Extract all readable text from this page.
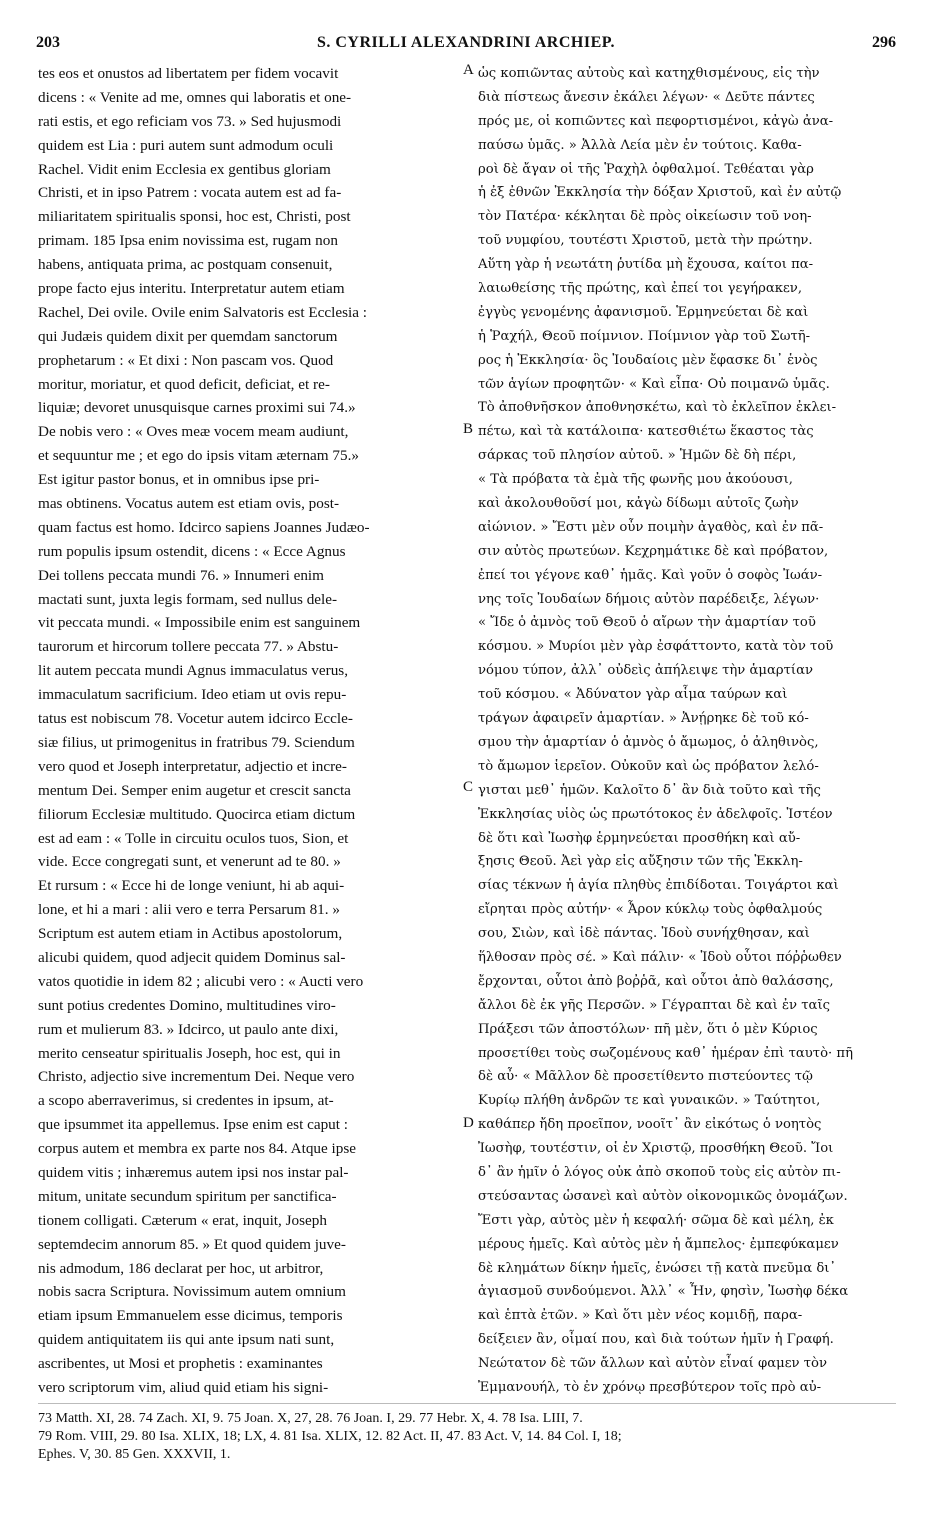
203	S. CYRILLI ALEXANDRINI ARCHIEP.	296
tes eos et onustos ad libertatem per fidem vocavit
dicens : « Venite ad me, omnes qui laboratis et one-
rati estis, et ego reficiam vos 73. » Sed hujusmodi
quidem est Lia : puri autem sunt admodum oculi
Rachel. Vidit enim Ecclesia ex gentibus gloriam
Christi, et in ipso Patrem : vocata autem est ad fa-
miliaritatem spiritualis sponsi, hoc est, Christi, post
primam. 185 Ipsa enim novissima est, rugam non
habens, antiquata prima, ac postquam consenuit,
prope facto ejus interitu. Interpretatur autem etiam
Rachel, Dei ovile. Ovile enim Salvatoris est Ecclesia :
qui Judæis quidem dixit per quemdam sanctorum
prophetarum : « Et dixi : Non pascam vos. Quod
moritur, moriatur, et quod deficit, deficiat, et re-
liquiæ; devoret unusquisque carnes proximi sui 74.»
De nobis vero : « Oves meæ vocem meam audiunt,
et sequuntur me ; et ego do ipsis vitam æternam 75.»
Est igitur pastor bonus, et in omnibus ipse pri-
mas obtinens. Vocatus autem est etiam ovis, post-
quam factus est homo. Idcirco sapiens Joannes Judæo-
rum populis ipsum ostendit, dicens : « Ecce Agnus
Dei tollens peccata mundi 76. » Innumeri enim
mactati sunt, juxta legis formam, sed nullus dele-
vit peccata mundi. « Impossibile enim est sanguinem
taurorum et hircorum tollere peccata 77. » Abstu-
lit autem peccata mundi Agnus immaculatus verus,
immaculatum sacrificium. Ideo etiam ut ovis repu-
tatus est nobiscum 78. Vocetur autem idcirco Eccle-
siæ filius, ut primogenitus in fratribus 79. Sciendum
vero quod et Joseph interpretatur, adjectio et incre-
mentum Dei. Semper enim augetur et crescit sancta
filiorum Ecclesiæ multitudo. Quocirca etiam dictum
est ad eam : « Tolle in circuitu oculos tuos, Sion, et
vide. Ecce congregati sunt, et venerunt ad te 80. »
Et rursum : « Ecce hi de longe veniunt, hi ab aqui-
lone, et hi a mari : alii vero e terra Persarum 81. »
Scriptum est autem etiam in Actibus apostolorum,
alicubi quidem, quod adjecit quidem Dominus sal-
vatos quotidie in idem 82 ; alicubi vero : « Aucti vero
sunt potius credentes Domino, multitudines viro-
rum et mulierum 83. » Idcirco, ut paulo ante dixi,
merito censeatur spiritualis Joseph, hoc est, qui in
Christo, adjectio sive incrementum Dei. Neque vero
a scopo aberraverimus, si credentes in ipsum, at-
que ipsummet ita appellemus. Ipse enim est caput :
corpus autem et membra ex parte nos 84. Atque ipse
quidem vitis ; inhæremus autem ipsi nos instar pal-
mitum, unitate secundum spiritum per sanctifica-
tionem colligati. Cæterum « erat, inquit, Joseph
septemdecim annorum 85. » Et quod quidem juve-
nis admodum, 186 declarat per hoc, ut arbitror,
nobis sacra Scriptura. Novissimum autem omnium
etiam ipsum Emmanuelem esse dicimus, temporis
quidem antiquitatem iis qui ante ipsum nati sunt,
ascribentes, ut Mosi et prophetis : examinantes
vero scriptorum vim, aliud quid etiam his signi-
ὡς κοπιῶντας αὐτοὺς καὶ κατηχθισμένους, εἰς τὴν
διὰ πίστεως ἄνεσιν ἐκάλει λέγων· « Δεῦτε πάντες
πρός με, οἱ κοπιῶντες καὶ πεφορτισμένοι, κἀγὼ ἀνα-
παύσω ὑμᾶς. » Ἀλλὰ Λεία μὲν ἐν τούτοις. Καθα-
ροὶ δὲ ἄγαν οἱ τῆς Ῥαχὴλ ὀφθαλμοί. Τεθέαται γὰρ
ἡ ἐξ ἐθνῶν Ἐκκλησία τὴν δόξαν Χριστοῦ, καὶ ἐν αὐτῷ
τὸν Πατέρα· κέκληται δὲ πρὸς οἰκείωσιν τοῦ νοη-
τοῦ νυμφίου, τουτέστι Χριστοῦ, μετὰ τὴν πρώτην.
Αὕτη γὰρ ἡ νεωτάτη ῥυτίδα μὴ ἔχουσα, καίτοι πα-
λαιωθείσης τῆς πρώτης, καὶ ἐπεί τοι γεγήρακεν,
ἐγγὺς γενομένης ἀφανισμοῦ. Ἑρμηνεύεται δὲ καὶ
ἡ Ῥαχήλ, Θεοῦ ποίμνιον. Ποίμνιον γὰρ τοῦ Σωτῆ-
ρος ἡ Ἐκκλησία· ὃς Ἰουδαίοις μὲν ἔφασκε δι᾿ ἑνὸς
τῶν ἁγίων προφητῶν· « Καὶ εἶπα· Οὐ ποιμανῶ ὑμᾶς.
Τὸ ἀποθνῆσκον ἀποθνησκέτω, καὶ τὸ ἐκλεῖπον ἐκλει-
πέτω, καὶ τὰ κατάλοιπα· κατεσθιέτω ἕκαστος τὰς
σάρκας τοῦ πλησίον αὐτοῦ. » Ἡμῶν δὲ δὴ πέρι,
« Τὰ πρόβατα τὰ ἐμὰ τῆς φωνῆς μου ἀκούουσι,
καὶ ἀκολουθοῦσί μοι, κἀγὼ δίδωμι αὐτοῖς ζωὴν
αἰώνιον. » Ἔστι μὲν οὖν ποιμὴν ἀγαθὸς, καὶ ἐν πᾶ-
σιν αὐτὸς πρωτεύων. Κεχρημάτικε δὲ καὶ πρόβατον,
ἐπεί τοι γέγονε καθ᾿ ἡμᾶς. Καὶ γοῦν ὁ σοφὸς Ἰωάν-
νης τοῖς Ἰουδαίων δήμοις αὐτὸν παρέδειξε, λέγων·
« Ἴδε ὁ ἀμνὸς τοῦ Θεοῦ ὁ αἴρων τὴν ἁμαρτίαν τοῦ
κόσμου. » Μυρίοι μὲν γὰρ ἐσφάττοντο, κατὰ τὸν τοῦ
νόμου τύπον, ἀλλ᾿ οὐδεὶς ἀπήλειψε τὴν ἁμαρτίαν
τοῦ κόσμου. « Ἀδύνατον γὰρ αἷμα ταύρων καὶ
τράγων ἀφαιρεῖν ἁμαρτίαν. » Ἀνῄρηκε δὲ τοῦ κό-
σμου τὴν ἁμαρτίαν ὁ ἀμνὸς ὁ ἄμωμος, ὁ ἀληθινὸς,
τὸ ἄμωμον ἱερεῖον. Οὐκοῦν καὶ ὡς πρόβατον λελό-
γισται μεθ᾿ ἡμῶν. Καλοῖτο δ᾿ ἂν διὰ τοῦτο καὶ τῆς
Ἐκκλησίας υἱὸς ὡς πρωτότοκος ἐν ἀδελφοῖς. Ἰστέον
δὲ ὅτι καὶ Ἰωσὴφ ἑρμηνεύεται προσθήκη καὶ αὔ-
ξησις Θεοῦ. Ἀεὶ γὰρ εἰς αὔξησιν τῶν τῆς Ἐκκλη-
σίας τέκνων ἡ ἁγία πληθὺς ἐπιδίδοται. Τοιγάρτοι καὶ
εἴρηται πρὸς αὐτήν· « Ἆρον κύκλῳ τοὺς ὀφθαλμούς
σου, Σιὼν, καὶ ἰδὲ πάντας. Ἰδοὺ συνήχθησαν, καὶ
ἥλθοσαν πρὸς σέ. » Καὶ πάλιν· « Ἰδοὺ οὗτοι πόῤῥωθεν
ἔρχονται, οὗτοι ἀπὸ βοῤῥᾶ, καὶ οὗτοι ἀπὸ θαλάσσης,
ἄλλοι δὲ ἐκ γῆς Περσῶν. » Γέγραπται δὲ καὶ ἐν ταῖς
Πράξεσι τῶν ἀποστόλων· πῆ μὲν, ὅτι ὁ μὲν Κύριος
προσετίθει τοὺς σωζομένους καθ᾿ ἡμέραν ἐπὶ ταυτὸ· πῆ
δὲ αὖ· « Μᾶλλον δὲ προσετίθεντο πιστεύοντες τῷ
Κυρίῳ πλήθη ἀνδρῶν τε καὶ γυναικῶν. » Ταύτητοι,
καθάπερ ἤδη προεῖπον, νοοῖτ᾿ ἂν εἰκότως ὁ νοητὸς
Ἰωσὴφ, τουτέστιν, οἱ ἐν Χριστῷ, προσθήκη Θεοῦ. Ἴοι
δ᾿ ἂν ἡμῖν ὁ λόγος οὐκ ἀπὸ σκοποῦ τοὺς εἰς αὐτὸν πι-
στεύσαντας ὡσανεὶ καὶ αὐτὸν οἰκονομικῶς ὀνομάζων.
Ἔστι γὰρ, αὐτὸς μὲν ἡ κεφαλή· σῶμα δὲ καὶ μέλη, ἐκ
μέρους ἡμεῖς. Καὶ αὐτὸς μὲν ἡ ἄμπελος· ἐμπεφύκαμεν
δὲ κλημάτων δίκην ἡμεῖς, ἑνώσει τῇ κατὰ πνεῦμα δι᾿
ἁγιασμοῦ συνδούμενοι. Ἀλλ᾿ « Ἦν, φησὶν, Ἰωσὴφ δέκα
καὶ ἑπτὰ ἐτῶν. » Καὶ ὅτι μὲν νέος κομιδῇ, παρα-
δείξειεν ἂν, οἶμαί που, καὶ διὰ τούτων ἡμῖν ἡ Γραφή.
Νεώτατον δὲ τῶν ἄλλων καὶ αὐτὸν εἶναί φαμεν τὸν
Ἐμμανουήλ, τὸ ἐν χρόνῳ πρεσβύτερον τοῖς πρὸ αὐ-
A
B
C
D
73 Matth. XI, 28. 74 Zach. XI, 9. 75 Joan. X, 27, 28. 76 Joan. I, 29. 77 Hebr. X, 4. 78 Isa. LIII, 7.
79 Rom. VIII, 29. 80 Isa. XLIX, 18; LX, 4. 81 Isa. XLIX, 12. 82 Act. II, 47. 83 Act. V, 14. 84 Col. I, 18;
Ephes. V, 30. 85 Gen. XXXVII, 1.
